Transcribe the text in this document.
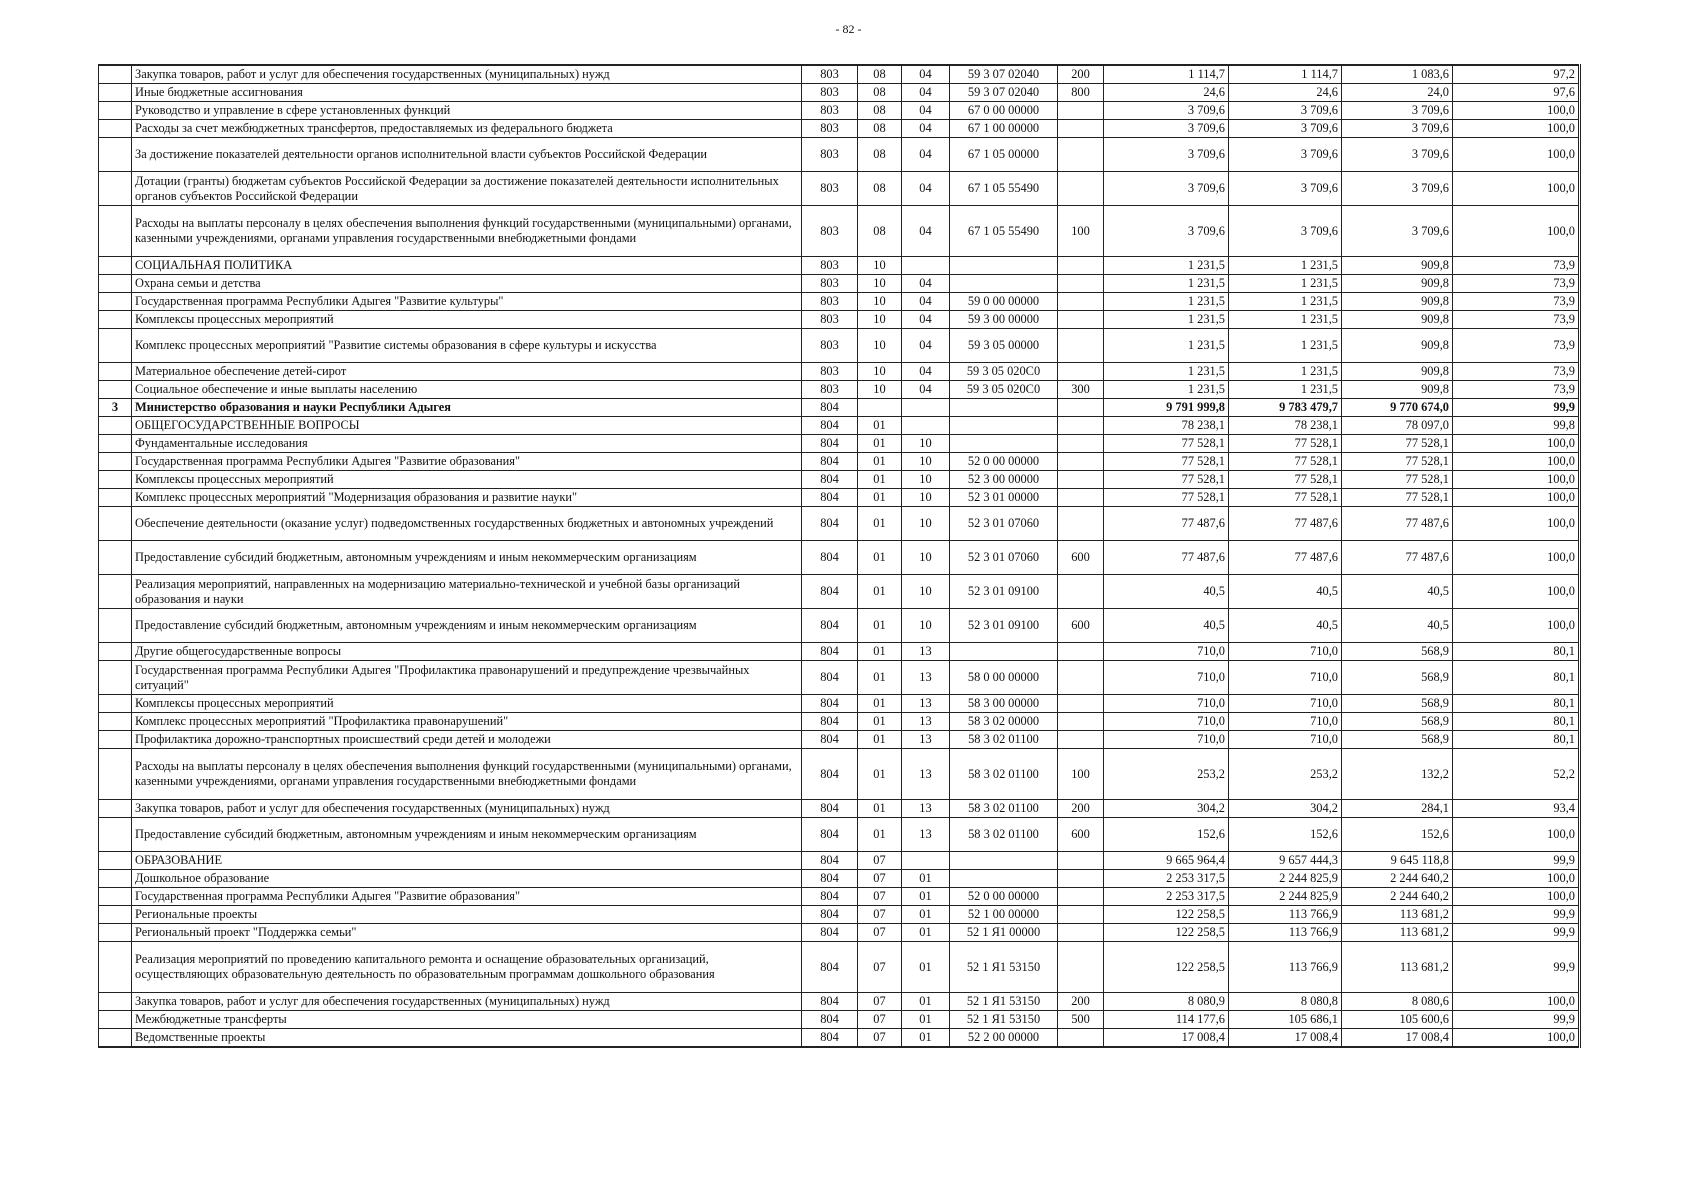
- 82 -
	Закупка товаров, работ и услуг для обеспечения государственных (муниципальных) нужд	803	08	04	59 3 07 02040	200	1 114,7	1 114,7	1 083,6	97,2
	Иные бюджетные ассигнования	803	08	04	59 3 07 02040	800	24,6	24,6	24,0	97,6
	Руководство и управление в сфере установленных функций	803	08	04	67 0 00 00000		3 709,6	3 709,6	3 709,6	100,0
	Расходы за счет межбюджетных трансфертов, предоставляемых из федерального бюджета	803	08	04	67 1 00 00000		3 709,6	3 709,6	3 709,6	100,0
	За достижение показателей деятельности органов исполнительной власти субъектов Российской Федерации	803	08	04	67 1 05 00000		3 709,6	3 709,6	3 709,6	100,0
	Дотации (гранты) бюджетам субъектов Российской Федерации за достижение показателей деятельности исполнительных органов субъектов Российской Федерации	803	08	04	67 1 05 55490		3 709,6	3 709,6	3 709,6	100,0
	Расходы на выплаты персоналу в целях обеспечения выполнения функций государственными (муниципальными) органами, казенными учреждениями, органами управления государственными внебюджетными фондами	803	08	04	67 1 05 55490	100	3 709,6	3 709,6	3 709,6	100,0
	СОЦИАЛЬНАЯ ПОЛИТИКА	803	10				1 231,5	1 231,5	909,8	73,9
	Охрана семьи и детства	803	10	04			1 231,5	1 231,5	909,8	73,9
	Государственная программа Республики Адыгея "Развитие культуры"	803	10	04	59 0 00 00000		1 231,5	1 231,5	909,8	73,9
	Комплексы процессных мероприятий	803	10	04	59 3 00 00000		1 231,5	1 231,5	909,8	73,9
	Комплекс процессных мероприятий "Развитие системы образования в сфере культуры и искусства	803	10	04	59 3 05 00000		1 231,5	1 231,5	909,8	73,9
	Материальное обеспечение детей-сирот	803	10	04	59 3 05 020С0		1 231,5	1 231,5	909,8	73,9
	Социальное обеспечение и иные выплаты населению	803	10	04	59 3 05 020С0	300	1 231,5	1 231,5	909,8	73,9
3	Министерство образования и науки Республики Адыгея	804					9 791 999,8	9 783 479,7	9 770 674,0	99,9
	ОБЩЕГОСУДАРСТВЕННЫЕ ВОПРОСЫ	804	01				78 238,1	78 238,1	78 097,0	99,8
	Фундаментальные исследования	804	01	10			77 528,1	77 528,1	77 528,1	100,0
	Государственная программа Республики Адыгея "Развитие образования"	804	01	10	52 0 00 00000		77 528,1	77 528,1	77 528,1	100,0
	Комплексы процессных мероприятий	804	01	10	52 3 00 00000		77 528,1	77 528,1	77 528,1	100,0
	Комплекс процессных мероприятий "Модернизация образования и развитие науки"	804	01	10	52 3 01 00000		77 528,1	77 528,1	77 528,1	100,0
	Обеспечение деятельности (оказание услуг) подведомственных государственных бюджетных и автономных учреждений	804	01	10	52 3 01 07060		77 487,6	77 487,6	77 487,6	100,0
	Предоставление субсидий бюджетным, автономным учреждениям и иным некоммерческим организациям	804	01	10	52 3 01 07060	600	77 487,6	77 487,6	77 487,6	100,0
	Реализация мероприятий, направленных на модернизацию материально-технической и учебной базы организаций образования и науки	804	01	10	52 3 01 09100		40,5	40,5	40,5	100,0
	Предоставление субсидий бюджетным, автономным учреждениям и иным некоммерческим организациям	804	01	10	52 3 01 09100	600	40,5	40,5	40,5	100,0
	Другие общегосударственные вопросы	804	01	13			710,0	710,0	568,9	80,1
	Государственная программа Республики Адыгея "Профилактика правонарушений и предупреждение чрезвычайных ситуаций"	804	01	13	58 0 00 00000		710,0	710,0	568,9	80,1
	Комплексы процессных мероприятий	804	01	13	58 3 00 00000		710,0	710,0	568,9	80,1
	Комплекс процессных мероприятий "Профилактика правонарушений"	804	01	13	58 3 02 00000		710,0	710,0	568,9	80,1
	Профилактика дорожно-транспортных происшествий среди детей и молодежи	804	01	13	58 3 02 01100		710,0	710,0	568,9	80,1
	Расходы на выплаты персоналу в целях обеспечения выполнения функций государственными (муниципальными) органами, казенными учреждениями, органами управления государственными внебюджетными фондами	804	01	13	58 3 02 01100	100	253,2	253,2	132,2	52,2
	Закупка товаров, работ и услуг для обеспечения государственных (муниципальных) нужд	804	01	13	58 3 02 01100	200	304,2	304,2	284,1	93,4
	Предоставление субсидий бюджетным, автономным учреждениям и иным некоммерческим организациям	804	01	13	58 3 02 01100	600	152,6	152,6	152,6	100,0
	ОБРАЗОВАНИЕ	804	07				9 665 964,4	9 657 444,3	9 645 118,8	99,9
	Дошкольное образование	804	07	01			2 253 317,5	2 244 825,9	2 244 640,2	100,0
	Государственная программа Республики Адыгея "Развитие образования"	804	07	01	52 0 00 00000		2 253 317,5	2 244 825,9	2 244 640,2	100,0
	Региональные проекты	804	07	01	52 1 00 00000		122 258,5	113 766,9	113 681,2	99,9
	Региональный проект "Поддержка семьи"	804	07	01	52 1 Я1 00000		122 258,5	113 766,9	113 681,2	99,9
	Реализация мероприятий по проведению капитального ремонта и оснащение образовательных организаций, осуществляющих образовательную деятельность по образовательным программам дошкольного образования	804	07	01	52 1 Я1 53150		122 258,5	113 766,9	113 681,2	99,9
	Закупка товаров, работ и услуг для обеспечения государственных (муниципальных) нужд	804	07	01	52 1 Я1 53150	200	8 080,9	8 080,8	8 080,6	100,0
	Межбюджетные трансферты	804	07	01	52 1 Я1 53150	500	114 177,6	105 686,1	105 600,6	99,9
	Ведомственные проекты	804	07	01	52 2 00 00000		17 008,4	17 008,4	17 008,4	100,0
